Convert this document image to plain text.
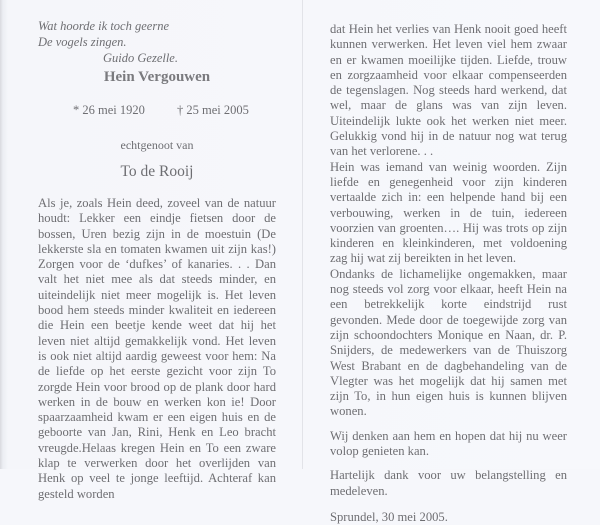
Wat hoorde ik toch geerne
De vogels zingen.
Guido Gezelle.
Hein Vergouwen
* 26 mei 1920	† 25 mei 2005
echtgenoot van
To de Rooij

Als je, zoals Hein deed, zoveel van de natuur houdt: Lekker een eindje fietsen door de bossen, Uren bezig zijn in de moestuin (De lekkerste sla en tomaten kwamen uit zijn kas!) Zorgen voor de ‘dufkes’ of kanaries. . . Dan valt het niet mee als dat steeds minder, en uiteindelijk niet meer mogelijk is. Het leven bood hem steeds minder kwaliteit en iedereen die Hein een beetje kende weet dat hij het leven niet altijd gemakkelijk vond. Het leven is ook niet altijd aardig geweest voor hem: Na de liefde op het eerste gezicht voor zijn To zorgde Hein voor brood op de plank door hard werken in de bouw en werken kon ie! Door spaarzaamheid kwam er een eigen huis en de geboorte van Jan, Rini, Henk en Leo bracht vreugde.Helaas kregen Hein en To een zware klap te verwerken door het overlijden van Henk op veel te jonge leeftijd. Achteraf kan gesteld worden

dat Hein het verlies van Henk nooit goed heeft kunnen verwerken. Het leven viel hem zwaar en er kwamen moeilijke tijden. Liefde, trouw en zorgzaamheid voor elkaar compenseerden de tegenslagen. Nog steeds hard werkend, dat wel, maar de glans was van zijn leven. Uiteindelijk lukte ook het werken niet meer. Gelukkig vond hij in de natuur nog wat terug van het verlorene. . .

Hein was iemand van weinig woorden. Zijn liefde en genegenheid voor zijn kinderen vertaalde zich in: een helpende hand bij een verbouwing, werken in de tuin, iedereen voorzien van groenten…. Hij was trots op zijn kinderen en kleinkinderen, met voldoening zag hij wat zij bereikten in het leven.

Ondanks de lichamelijke ongemakken, maar nog steeds vol zorg voor elkaar, heeft Hein na een betrekkelijk korte eindstrijd rust gevonden. Mede door de toegewijde zorg van zijn schoondochters Monique en Naan, dr. P. Snijders, de medewerkers van de Thuiszorg West Brabant en de dagbehandeling van de Vlegter was het mogelijk dat hij samen met zijn To, in hun eigen huis is kunnen blijven wonen.

Wij denken aan hem en hopen dat hij nu weer volop genieten kan.

Hartelijk dank voor uw belangstelling en medeleven.

Sprundel, 30 mei 2005.
